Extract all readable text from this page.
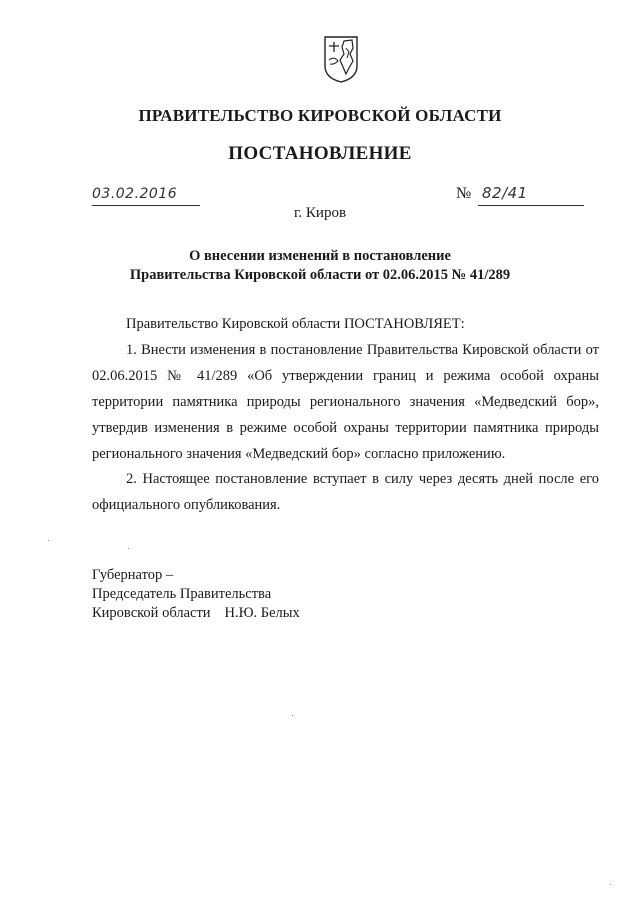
ПРАВИТЕЛЬСТВО КИРОВСКОЙ ОБЛАСТИ
ПОСТАНОВЛЕНИЕ
03.02.2016	№ 82/41
г. Киров
О внесении изменений в постановление
Правительства Кировской области от 02.06.2015 № 41/289
Правительство Кировской области ПОСТАНОВЛЯЕТ:
1. Внести изменения в постановление Правительства Кировской области от 02.06.2015 № 41/289 «Об утверждении границ и режима особой охраны территории памятника природы регионального значения «Медведский бор», утвердив изменения в режиме особой охраны территории памятника природы регионального значения «Медведский бор» согласно приложению.
2. Настоящее постановление вступает в силу через десять дней после его официального опубликования.
Губернатор –
Председатель Правительства
Кировской области Н.Ю. Белых
